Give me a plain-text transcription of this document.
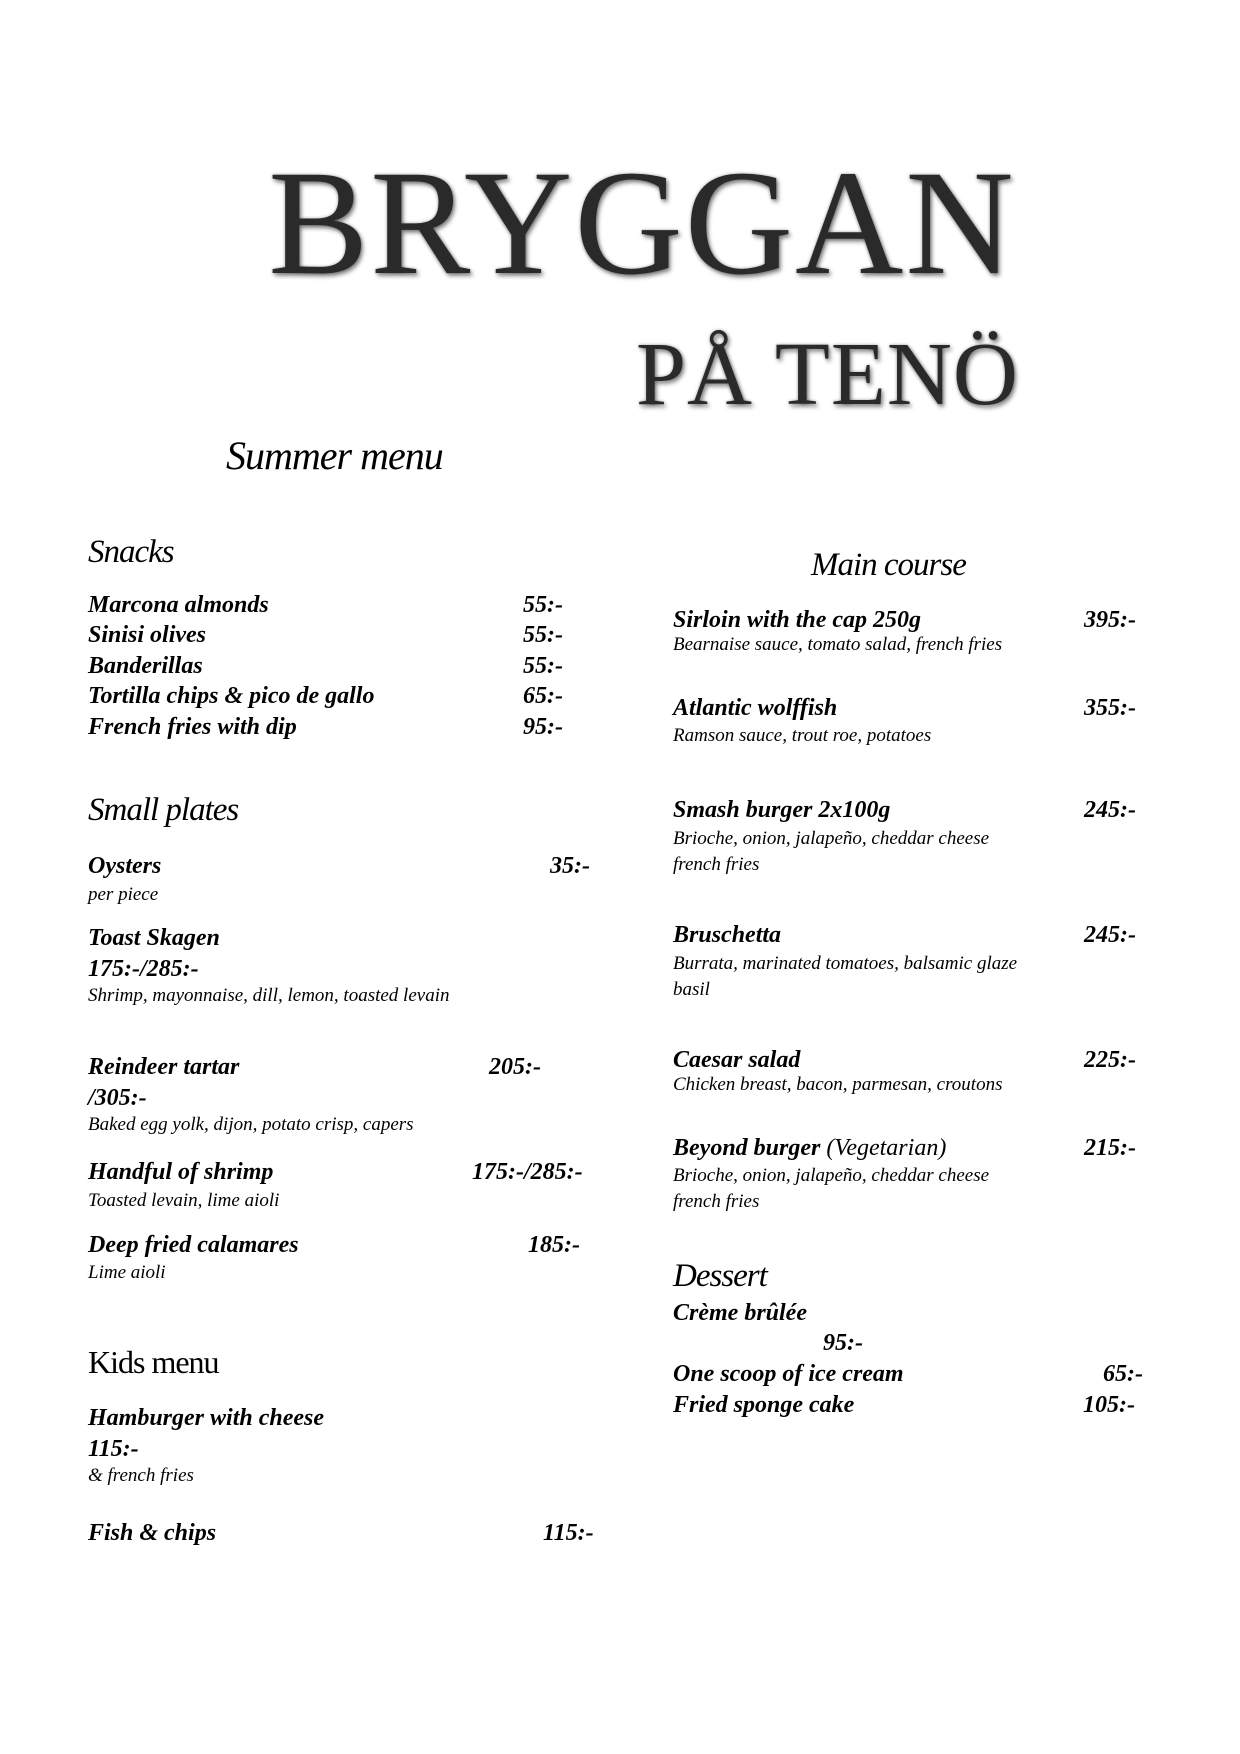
BRYGGAN
PÅ TENÖ
Summer menu
Snacks
Marcona almonds	55:-
Sinisi olives	55:-
Banderillas	55:-
Tortilla chips & pico de gallo	65:-
French fries with dip	95:-
Small plates
Oysters	35:-
per piece
Toast Skagen
175:-/285:-
Shrimp, mayonnaise, dill, lemon, toasted levain
Reindeer tartar	205:-
/305:-
Baked egg yolk, dijon, potato crisp, capers
Handful of shrimp	175:-/285:-
Toasted levain, lime aioli
Deep fried calamares	185:-
Lime aioli
Kids menu
Hamburger with cheese
115:-
& french fries
Fish & chips	115:-
Main course
Sirloin with the cap 250g	395:-
Bearnaise sauce, tomato salad, french fries
Atlantic wolffish	355:-
Ramson sauce, trout roe, potatoes
Smash burger 2x100g	245:-
Brioche, onion, jalapeño, cheddar cheese
french fries
Bruschetta	245:-
Burrata, marinated tomatoes, balsamic glaze
basil
Caesar salad	225:-
Chicken breast, bacon, parmesan, croutons
Beyond burger (Vegetarian)	215:-
Brioche, onion, jalapeño, cheddar cheese
french fries
Dessert
Crème brûlée
95:-
One scoop of ice cream	65:-
Fried sponge cake	105:-
